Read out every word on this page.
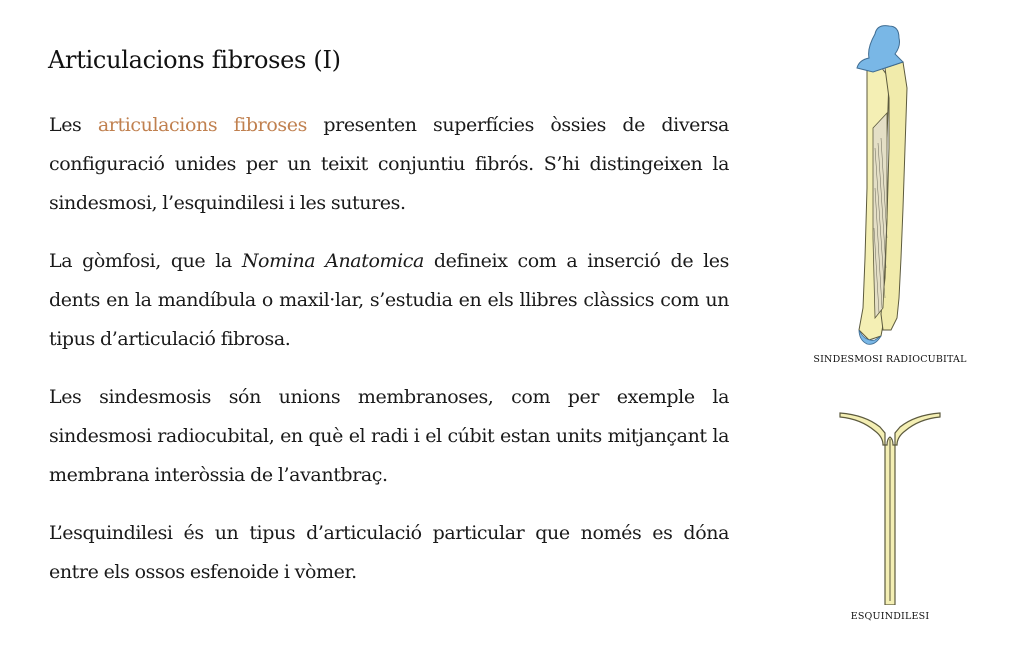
Articulacions fibroses (I)

Les articulacions fibroses presenten superfícies òssies de diversa configuració unides per un teixit conjuntiu fibrós. S’hi distingeixen la sindesmosi, l’esquindilesi i les sutures.

La gòmfosi, que la Nomina Anatomica defineix com a inserció de les dents en la mandíbula o maxil·lar, s’estudia en els llibres clàssics com un tipus d’articulació fibrosa.

Les sindesmosis són unions membranoses, com per exemple la sindesmosi radiocubital, en què el radi i el cúbit estan units mitjançant la membrana interòssia de l’avantbraç.

L’esquindilesi és un tipus d’articulació particular que només es dóna entre els ossos esfenoide i vòmer.

SINDESMOSI RADIOCUBITAL
ESQUINDILESI
